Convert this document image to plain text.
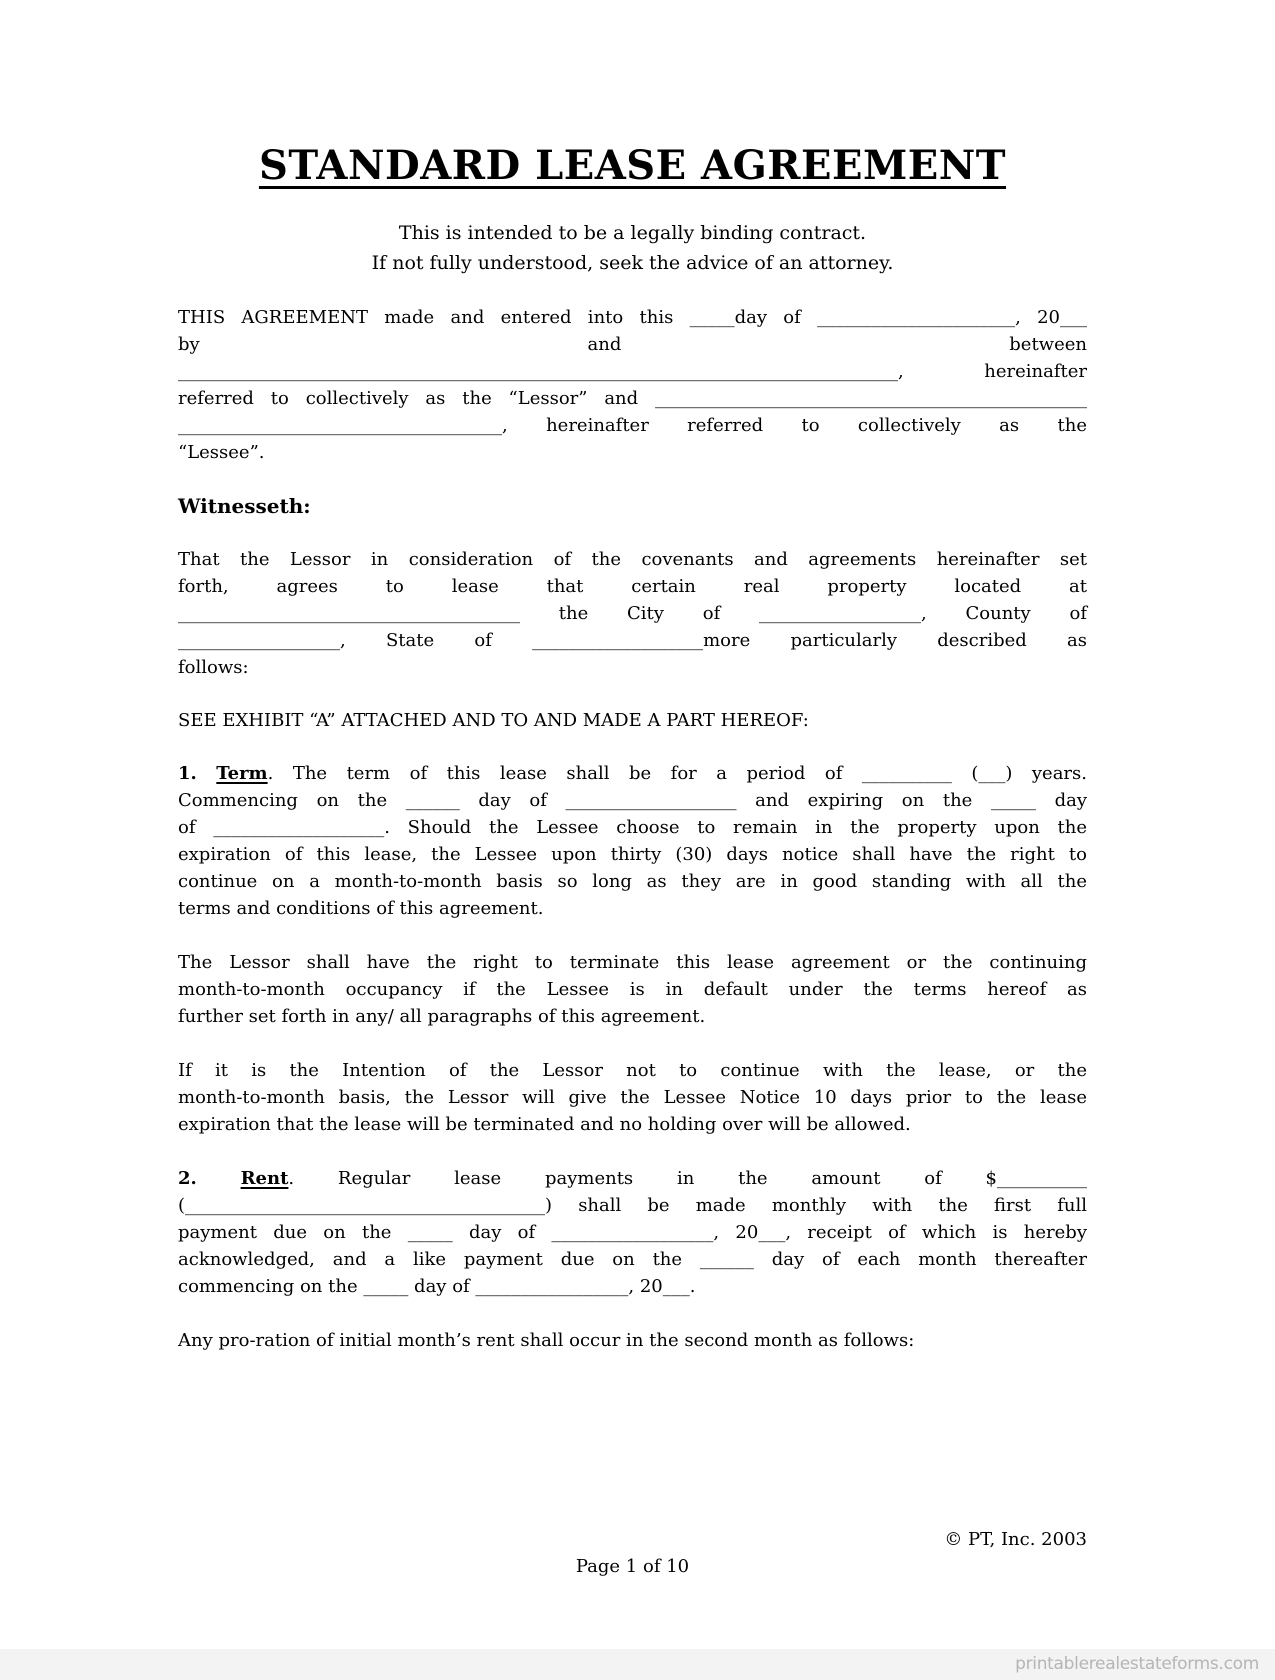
STANDARD LEASE AGREEMENT
This is intended to be a legally binding contract.
If not fully understood, seek the advice of an attorney.
THIS AGREEMENT made and entered into this _____day of ______________________, 20___
by and between
________________________________________________________________________________, hereinafter
referred to collectively as the “Lessor” and ________________________________________________
____________________________________, hereinafter referred to collectively as the
“Lessee”.
Witnesseth:
That the Lessor in consideration of the covenants and agreements hereinafter set
forth, agrees to lease that certain real property located at
______________________________________ the City of __________________, County of
__________________, State of ___________________more particularly described as
follows:
SEE EXHIBIT “A” ATTACHED AND TO AND MADE A PART HEREOF:
1. Term. The term of this lease shall be for a period of __________ (___) years.
Commencing on the ______ day of ___________________ and expiring on the _____ day
of ___________________. Should the Lessee choose to remain in the property upon the
expiration of this lease, the Lessee upon thirty (30) days notice shall have the right to
continue on a month-to-month basis so long as they are in good standing with all the
terms and conditions of this agreement.
The Lessor shall have the right to terminate this lease agreement or the continuing
month-to-month occupancy if the Lessee is in default under the terms hereof as
further set forth in any/ all paragraphs of this agreement.
If it is the Intention of the Lessor not to continue with the lease, or the
month-to-month basis, the Lessor will give the Lessee Notice 10 days prior to the lease
expiration that the lease will be terminated and no holding over will be allowed.
2. Rent. Regular lease payments in the amount of $__________
(________________________________________) shall be made monthly with the first full
payment due on the _____ day of __________________, 20___, receipt of which is hereby
acknowledged, and a like payment due on the ______ day of each month thereafter
commencing on the _____ day of _________________, 20___.
Any pro-ration of initial month’s rent shall occur in the second month as follows:
© PT, Inc. 2003
Page 1 of 10
printablerealestateforms.com
